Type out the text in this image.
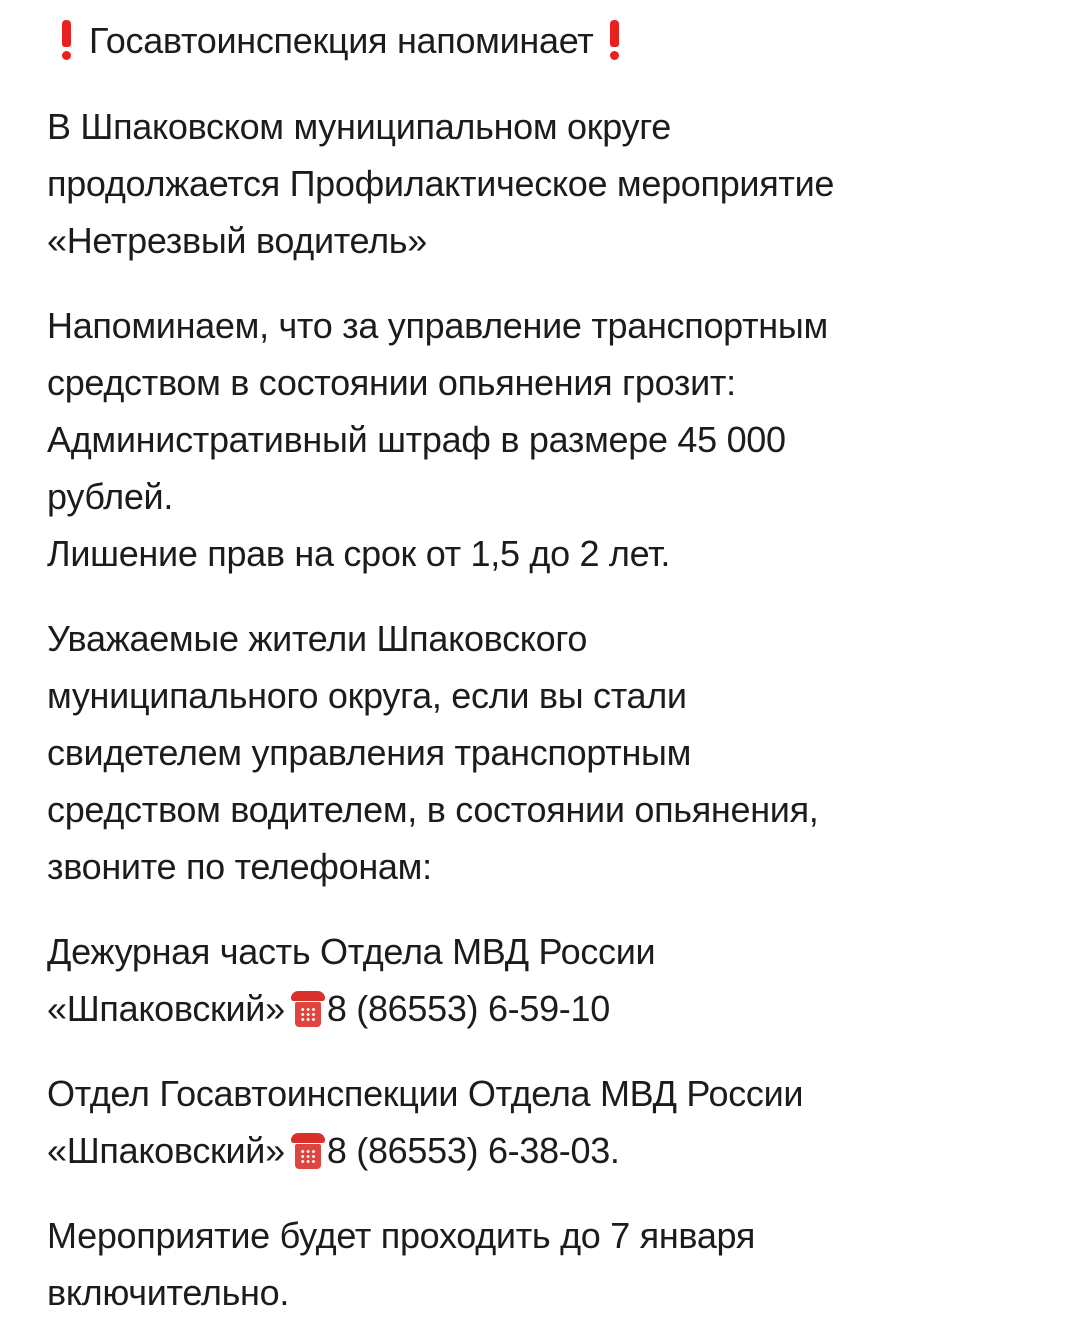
Госавтоинспекция напоминает

В Шпаковском муниципальном округе
продолжается Профилактическое мероприятие
«Нетрезвый водитель»

Напоминаем, что за управление транспортным
средством в состоянии опьянения грозит:
Административный штраф в размере 45 000
рублей.
Лишение прав на срок от 1,5 до 2 лет.

Уважаемые жители Шпаковского
муниципального округа, если вы стали
свидетелем управления транспортным
средством водителем, в состоянии опьянения,
звоните по телефонам:

Дежурная часть Отдела МВД России
«Шпаковский» 8 (86553) 6-59-10

Отдел Госавтоинспекции Отдела МВД России
«Шпаковский» 8 (86553) 6-38-03.

Мероприятие будет проходить до 7 января
включительно.
